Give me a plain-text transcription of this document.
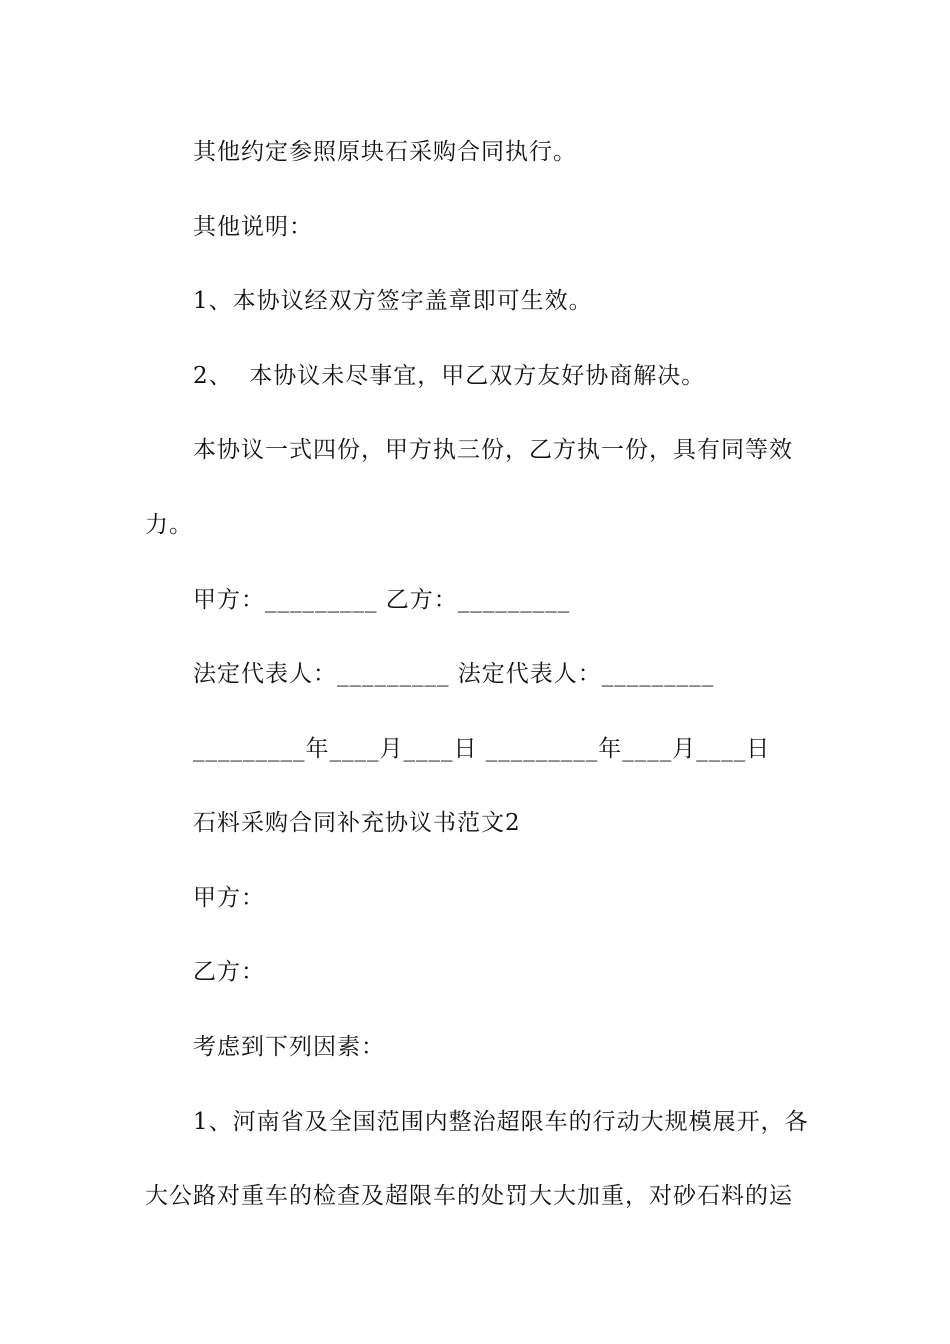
其他约定参照原块石采购合同执行。
其他说明：
1、本协议经双方签字盖章即可生效。
2、  本协议未尽事宜，甲乙双方友好协商解决。
本协议一式四份，甲方执三份，乙方执一份，具有同等效
力。
甲方：_________ 乙方：_________
法定代表人：_________ 法定代表人：_________
_________年____月____日 _________年____月____日
石料采购合同补充协议书范文2
甲方：
乙方：
考虑到下列因素：
1、河南省及全国范围内整治超限车的行动大规模展开，各
大公路对重车的检查及超限车的处罚大大加重，对砂石料的运
